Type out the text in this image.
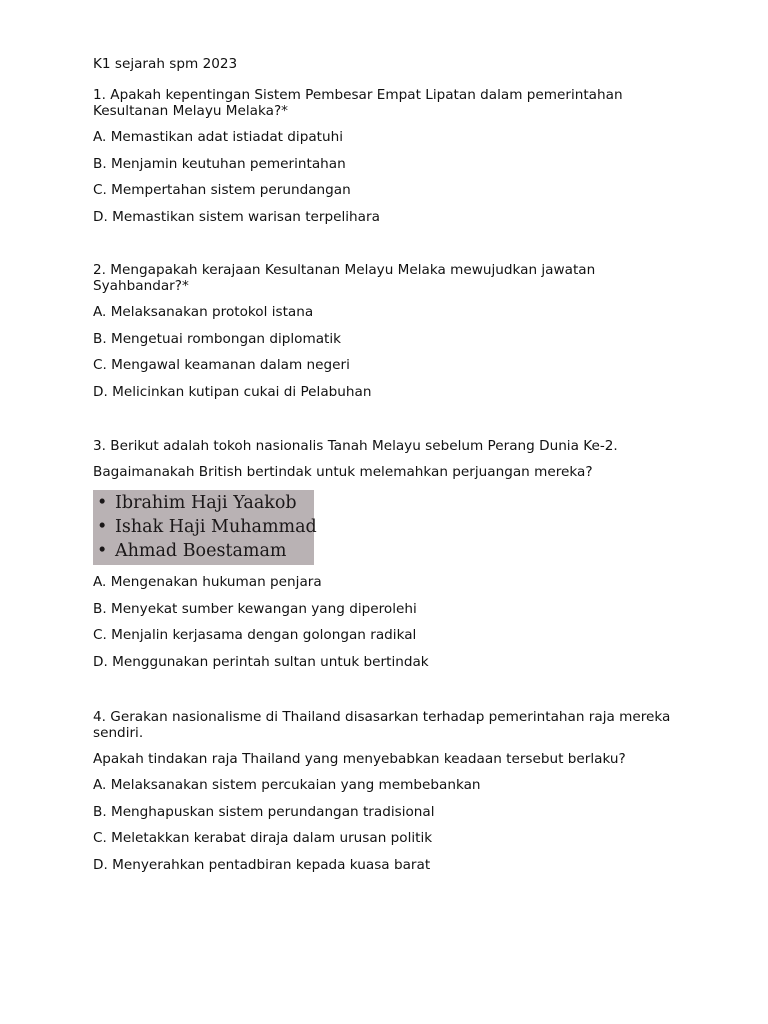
K1 sejarah spm 2023

1. Apakah kepentingan Sistem Pembesar Empat Lipatan dalam pemerintahan Kesultanan Melayu Melaka?*

A. Memastikan adat istiadat dipatuhi

B. Menjamin keutuhan pemerintahan

C. Mempertahan sistem perundangan

D. Memastikan sistem warisan terpelihara

2. Mengapakah kerajaan Kesultanan Melayu Melaka mewujudkan jawatan Syahbandar?*

A. Melaksanakan protokol istana

B. Mengetuai rombongan diplomatik

C. Mengawal keamanan dalam negeri

D. Melicinkan kutipan cukai di Pelabuhan

3. Berikut adalah tokoh nasionalis Tanah Melayu sebelum Perang Dunia Ke-2.

Bagaimanakah British bertindak untuk melemahkan perjuangan mereka?

• Ibrahim Haji Yaakob
• Ishak Haji Muhammad
• Ahmad Boestamam

A. Mengenakan hukuman penjara

B. Menyekat sumber kewangan yang diperolehi

C. Menjalin kerjasama dengan golongan radikal

D. Menggunakan perintah sultan untuk bertindak

4. Gerakan nasionalisme di Thailand disasarkan terhadap pemerintahan raja mereka sendiri.

Apakah tindakan raja Thailand yang menyebabkan keadaan tersebut berlaku?

A. Melaksanakan sistem percukaian yang membebankan

B. Menghapuskan sistem perundangan tradisional

C. Meletakkan kerabat diraja dalam urusan politik

D. Menyerahkan pentadbiran kepada kuasa barat
